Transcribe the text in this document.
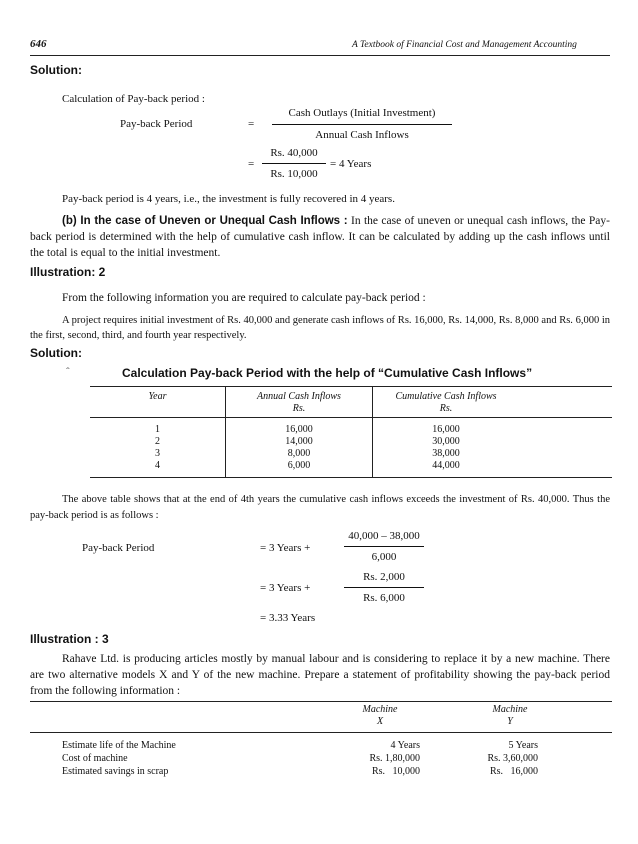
646	A Textbook of Financial Cost and Management Accounting
Solution:
Calculation of Pay-back period :
Pay-back Period	=
Cash Outlays (Initial Investment)
Annual Cash Inflows
=
Rs. 40,000
Rs. 10,000
= 4 Years
Pay-back period is 4 years, i.e., the investment is fully recovered in 4 years.
(b) In the case of Uneven or Unequal Cash Inflows : In the case of uneven or unequal cash inflows, the Pay-back period is determined with the help of cumulative cash inflow. It can be calculated by adding up the cash inflows until the total is equal to the initial investment.
Illustration: 2
From the following information you are required to calculate pay-back period :
A project requires initial investment of Rs. 40,000 and generate cash inflows of Rs. 16,000, Rs. 14,000, Rs. 8,000 and Rs. 6,000 in the first, second, third, and fourth year respectively.
Solution:
ˆ	Calculation Pay-back Period with the help of “Cumulative Cash Inflows”
Year	Annual Cash Inflows
Rs.
Cumulative Cash Inflows
Rs.
1	16,000	16,000
2	14,000	30,000
3	8,000	38,000
4	6,000	44,000
The above table shows that at the end of 4th years the cumulative cash inflows exceeds the investment of Rs. 40,000. Thus the pay-back period is as follows :
Pay-back Period	= 3 Years +
40,000 – 38,000
6,000
= 3 Years +
Rs. 2,000
Rs. 6,000
= 3.33 Years
Illustration : 3
Rahave Ltd. is producing articles mostly by manual labour and is considering to replace it by a new machine. There are two alternative models X and Y of the new machine. Prepare a statement of profitability showing the pay-back period from the following information :
Machine
X
Machine
Y
Estimate life of the Machine	4 Years	5 Years
Cost of machine	Rs. 1,80,000	Rs. 3,60,000
Estimated savings in scrap	Rs.   10,000	Rs.   16,000
